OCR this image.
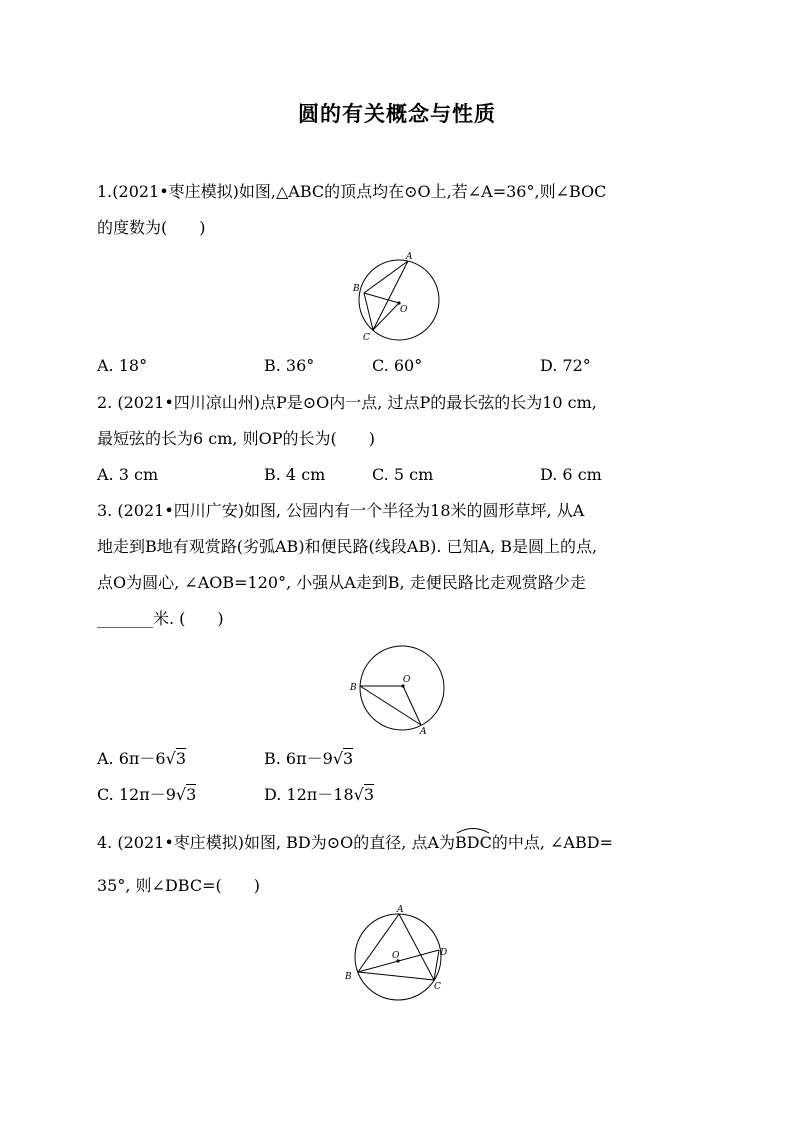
圆的有关概念与性质
1.(2021•枣庄模拟)如图,△ABC的顶点均在⊙O上,若∠A=36°,则∠BOC
的度数为(　　)
A
B
C
O
A. 18°	B. 36°	C. 60°	D. 72°
2. (2021•四川凉山州)点P是⊙O内一点, 过点P的最长弦的长为10 cm,
最短弦的长为6 cm, 则OP的长为(　　)
A. 3 cm	B. 4 cm	C. 5 cm	D. 6 cm
3. (2021•四川广安)如图, 公园内有一个半径为18米的圆形草坪, 从A
地走到B地有观赏路(劣弧AB)和便民路(线段AB). 已知A, B是圆上的点,
点O为圆心, ∠AOB=120°, 小强从A走到B, 走便民路比走观赏路少走
_______米. (　　)
B
O
A
A. 6π－6√3	B. 6π－9√3
C. 12π－9√3	D. 12π－18√3
4. (2021•枣庄模拟)如图, BD为⊙O的直径, 点A为
BDC的中点, ∠ABD=
35°, 则∠DBC=(　　)
A
B
C
D
O
